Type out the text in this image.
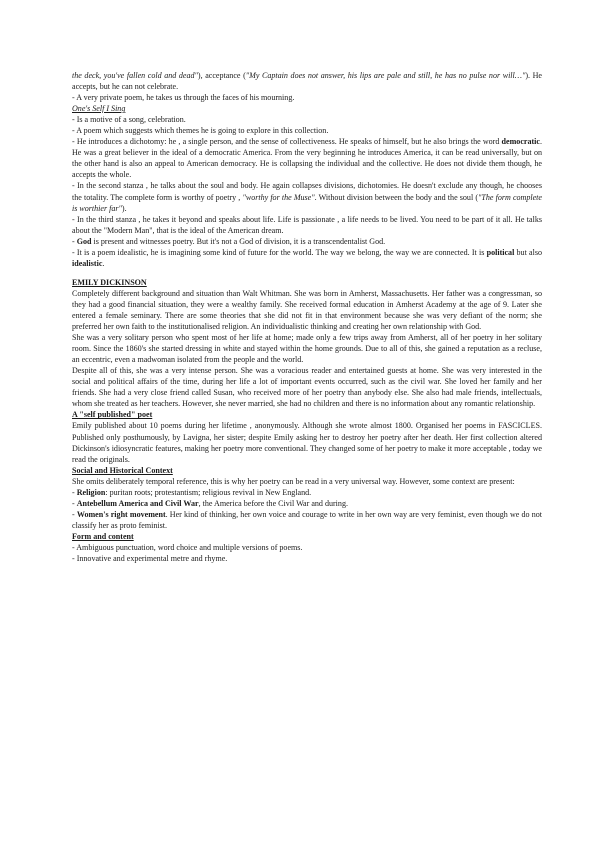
the deck, you've fallen cold and dead"), acceptance ("My Captain does not answer, his lips are pale and still, he has no pulse nor will…"). He accepts, but he can not celebrate.

- A very private poem, he takes us through the faces of his mourning.

One's Self I Sing

- Is a motive of a song, celebration.

- A poem which suggests which themes he is going to explore in this collection.

- He introduces a dichotomy: he , a single person, and the sense of collectiveness. He speaks of himself, but he also brings the word democratic. He was a great believer in the ideal of a democratic America. From the very beginning he introduces America, it can be read universally, but on the other hand is also an appeal to American democracy. He is collapsing the individual and the collective. He does not divide them though, he accepts the whole.

- In the second stanza , he talks about the soul and body. He again collapses divisions, dichotomies. He doesn't exclude any though, he chooses the totality. The complete form is worthy of poetry , "worthy for the Muse". Without division between the body and the soul ("The form complete is worthier far").

- In the third stanza , he takes it beyond and speaks about life. Life is passionate , a life needs to be lived. You need to be part of it all. He talks about the "Modern Man", that is the ideal of the American dream.

- God is present and witnesses poetry. But it's not a God of division, it is a transcendentalist God.

- It is a poem idealistic, he is imagining some kind of future for the world. The way we belong, the way we are connected. It is political but also idealistic.

EMILY DICKINSON

Completely different background and situation than Walt Whitman. She was born in Amherst, Massachusetts. Her father was a congressman, so they had a good financial situation, they were a wealthy family. She received formal education in Amherst Academy at the age of 9. Later she entered a female seminary. There are some theories that she did not fit in that environment because she was very defiant of the norm; she preferred her own faith to the institutionalised religion. An individualistic thinking and creating her own relationship with God.

She was a very solitary person who spent most of her life at home; made only a few trips away from Amherst, all of her poetry in her solitary room. Since the 1860's she started dressing in white and stayed within the home grounds. Due to all of this, she gained a reputation as a recluse, an eccentric, even a madwoman isolated from the people and the world.

Despite all of this, she was a very intense person. She was a voracious reader and entertained guests at home. She was very interested in the social and political affairs of the time, during her life a lot of important events occurred, such as the civil war. She loved her family and her friends. She had a very close friend called Susan, who received more of her poetry than anybody else. She also had male friends, intellectuals, whom she treated as her teachers. However, she never married, she had no children and there is no information about any romantic relationship.

A "self published" poet

Emily published about 10 poems during her lifetime , anonymously. Although she wrote almost 1800. Organised her poems in FASCICLES. Published only posthumously, by Lavigna, her sister; despite Emily asking her to destroy her poetry after her death. Her first collection altered Dickinson's idiosyncratic features, making her poetry more conventional. They changed some of her poetry to make it more acceptable , today we read the originals.

Social and Historical Context

She omits deliberately temporal reference, this is why her poetry can be read in a very universal way. However, some context are present:

- Religion: puritan roots; protestantism; religious revival in New England.

- Antebellum America and Civil War, the America before the Civil War and during.

- Women's right movement. Her kind of thinking, her own voice and courage to write in her own way are very feminist, even though we do not classify her as proto feminist.

Form and content

- Ambiguous punctuation, word choice and multiple versions of poems.

- Innovative and experimental metre and rhyme.
